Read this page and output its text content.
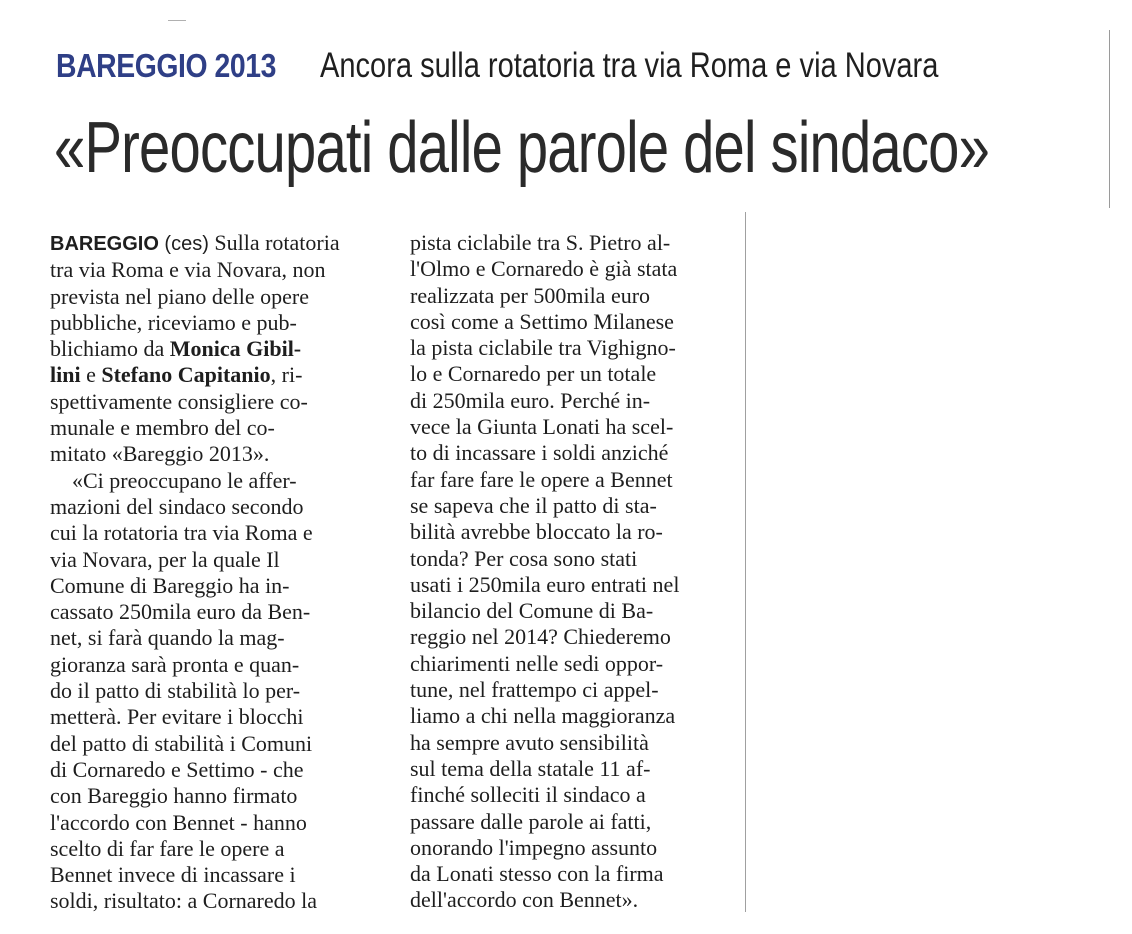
BAREGGIO 2013 Ancora sulla rotatoria tra via Roma e via Novara
«Preoccupati dalle parole del sindaco»

BAREGGIO (ces) Sulla rotatoria
tra via Roma e via Novara, non
prevista nel piano delle opere
pubbliche, riceviamo e pub-
blichiamo da Monica Gibil-
lini e Stefano Capitanio, ri-
spettivamente consigliere co-
munale e membro del co-
mitato «Bareggio 2013».

«Ci preoccupano le affer-
mazioni del sindaco secondo
cui la rotatoria tra via Roma e
via Novara, per la quale Il
Comune di Bareggio ha in-
cassato 250mila euro da Ben-
net, si farà quando la mag-
gioranza sarà pronta e quan-
do il patto di stabilità lo per-
metterà. Per evitare i blocchi
del patto di stabilità i Comuni
di Cornaredo e Settimo - che
con Bareggio hanno firmato
l'accordo con Bennet - hanno
scelto di far fare le opere a
Bennet invece di incassare i
soldi, risultato: a Cornaredo la

pista ciclabile tra S. Pietro al-
l'Olmo e Cornaredo è già stata
realizzata per 500mila euro
così come a Settimo Milanese
la pista ciclabile tra Vighigno-
lo e Cornaredo per un totale
di 250mila euro. Perché in-
vece la Giunta Lonati ha scel-
to di incassare i soldi anziché
far fare fare le opere a Bennet
se sapeva che il patto di sta-
bilità avrebbe bloccato la ro-
tonda? Per cosa sono stati
usati i 250mila euro entrati nel
bilancio del Comune di Ba-
reggio nel 2014? Chiederemo
chiarimenti nelle sedi oppor-
tune, nel frattempo ci appel-
liamo a chi nella maggioranza
ha sempre avuto sensibilità
sul tema della statale 11 af-
finché solleciti il sindaco a
passare dalle parole ai fatti,
onorando l'impegno assunto
da Lonati stesso con la firma
dell'accordo con Bennet».
